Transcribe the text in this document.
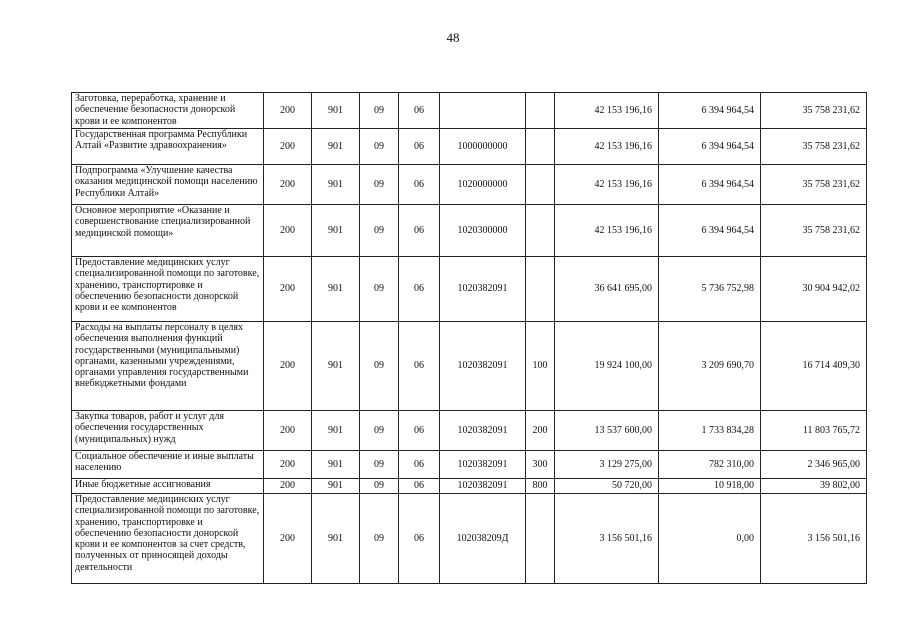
48
Заготовка, переработка, хранение и обеспечение безопасности донорской крови и ее компонентов	200	901	09	06			42 153 196,16	6 394 964,54	35 758 231,62
Государственная программа Республики Алтай «Развитие здравоохранения»	200	901	09	06	1000000000		42 153 196,16	6 394 964,54	35 758 231,62
Подпрограмма «Улучшение качества оказания медицинской помощи населению Республики Алтай»	200	901	09	06	1020000000		42 153 196,16	6 394 964,54	35 758 231,62
Основное мероприятие «Оказание и совершенствование специализированной медицинской помощи»	200	901	09	06	1020300000		42 153 196,16	6 394 964,54	35 758 231,62
Предоставление медицинских услуг специализированной помощи по заготовке, хранению, транспортировке и обеспечению безопасности донорской крови и ее компонентов	200	901	09	06	1020382091		36 641 695,00	5 736 752,98	30 904 942,02
Расходы на выплаты персоналу в целях обеспечения выполнения функций государственными (муниципальными) органами, казенными учреждениями, органами управления государственными внебюджетными фондами	200	901	09	06	1020382091	100	19 924 100,00	3 209 690,70	16 714 409,30
Закупка товаров, работ и услуг для обеспечения государственных (муниципальных) нужд	200	901	09	06	1020382091	200	13 537 600,00	1 733 834,28	11 803 765,72
Социальное обеспечение и иные выплаты населению	200	901	09	06	1020382091	300	3 129 275,00	782 310,00	2 346 965,00
Иные бюджетные ассигнования	200	901	09	06	1020382091	800	50 720,00	10 918,00	39 802,00
Предоставление медицинских услуг специализированной помощи по заготовке, хранению, транспортировке и обеспечению безопасности донорской крови и ее компонентов за счет средств, полученных от приносящей доходы деятельности	200	901	09	06	102038209Д		3 156 501,16	0,00	3 156 501,16
